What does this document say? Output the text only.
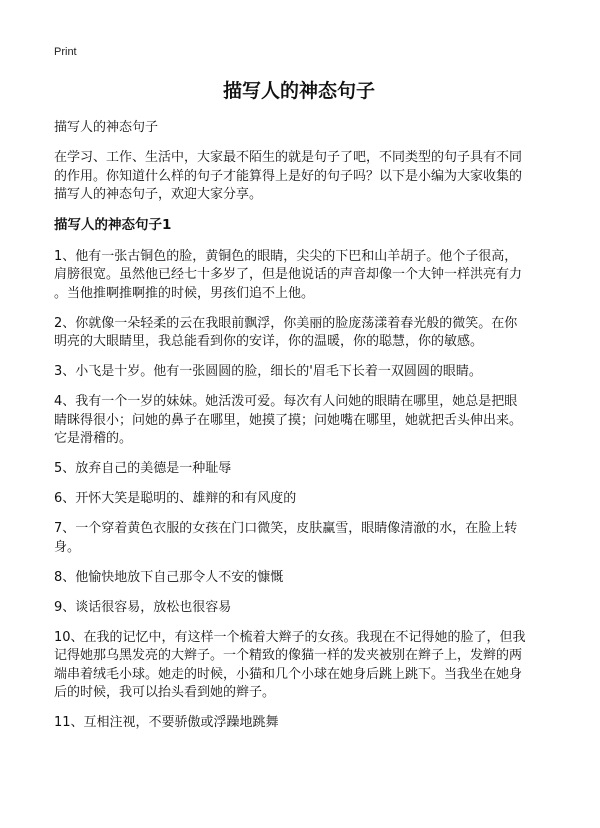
Print
描写人的神态句子

描写人的神态句子

在学习、工作、生活中，大家最不陌生的就是句子了吧，不同类型的句子具有不同
的作用。你知道什么样的句子才能算得上是好的句子吗？以下是小编为大家收集的
描写人的神态句子，欢迎大家分享。

描写人的神态句子1

1、他有一张古铜色的脸，黄铜色的眼睛，尖尖的下巴和山羊胡子。他个子很高，
肩膀很宽。虽然他已经七十多岁了，但是他说话的声音却像一个大钟一样洪亮有力
。当他推啊推啊推的时候，男孩们追不上他。

2、你就像一朵轻柔的云在我眼前飘浮，你美丽的脸庞荡漾着春光般的微笑。在你
明亮的大眼睛里，我总能看到你的安详，你的温暖，你的聪慧，你的敏感。

3、小飞是十岁。他有一张圆圆的脸，细长的'眉毛下长着一双圆圆的眼睛。

4、我有一个一岁的妹妹。她活泼可爱。每次有人问她的眼睛在哪里，她总是把眼
睛眯得很小；问她的鼻子在哪里，她摸了摸；问她嘴在哪里，她就把舌头伸出来。
它是滑稽的。

5、放弃自己的美德是一种耻辱

6、开怀大笑是聪明的、雄辩的和有风度的

7、一个穿着黄色衣服的女孩在门口微笑，皮肤赢雪，眼睛像清澈的水，在脸上转
身。

8、他愉快地放下自己那令人不安的慷慨

9、谈话很容易，放松也很容易

10、在我的记忆中，有这样一个梳着大辫子的女孩。我现在不记得她的脸了，但我
记得她那乌黑发亮的大辫子。一个精致的像猫一样的发夹被别在辫子上，发辫的两
端串着绒毛小球。她走的时候，小猫和几个小球在她身后跳上跳下。当我坐在她身
后的时候，我可以抬头看到她的辫子。

11、互相注视，不要骄傲或浮躁地跳舞
